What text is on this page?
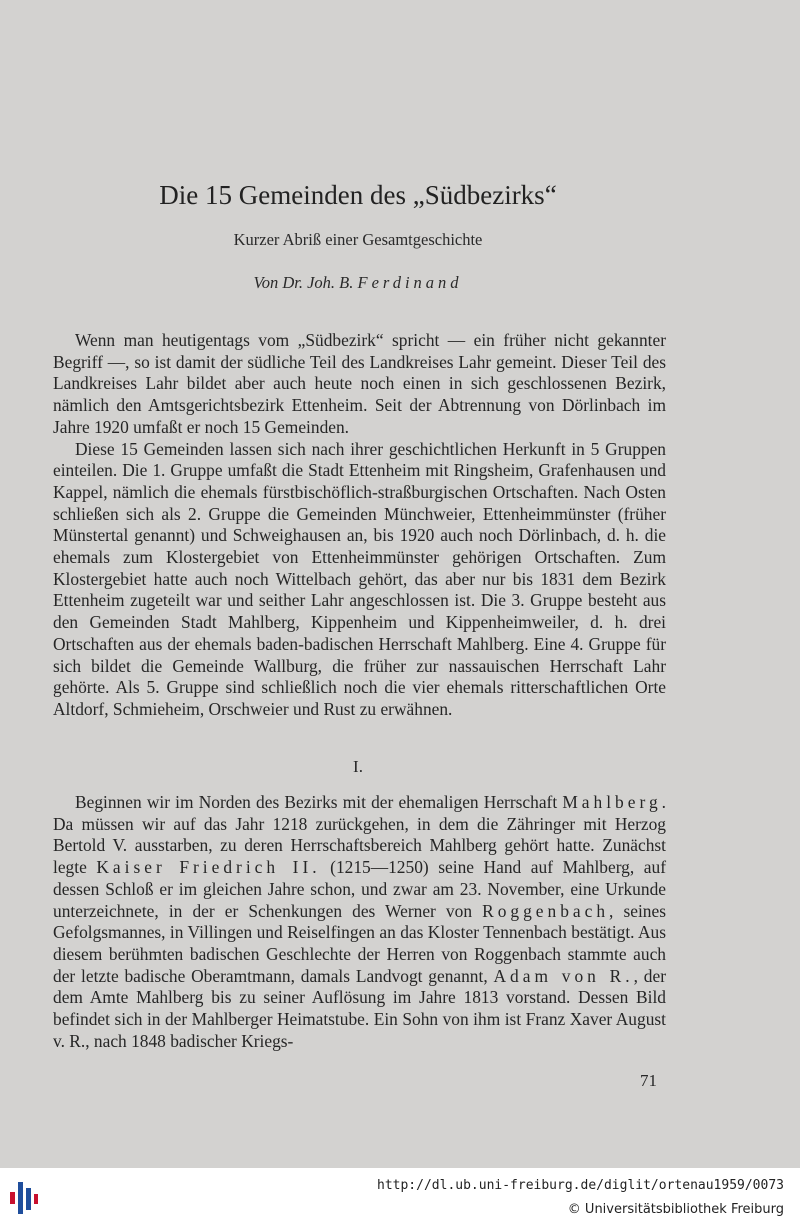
Die 15 Gemeinden des „Südbezirks“
Kurzer Abriß einer Gesamtgeschichte
Von Dr. Joh. B. Ferdinand

Wenn man heutigentags vom „Südbezirk“ spricht — ein früher nicht gekannter Begriff —, so ist damit der südliche Teil des Landkreises Lahr gemeint. Dieser Teil des Landkreises Lahr bildet aber auch heute noch einen in sich geschlossenen Bezirk, nämlich den Amtsgerichtsbezirk Ettenheim. Seit der Abtrennung von Dörlinbach im Jahre 1920 umfaßt er noch 15 Gemeinden.

Diese 15 Gemeinden lassen sich nach ihrer geschichtlichen Herkunft in 5 Gruppen einteilen. Die 1. Gruppe umfaßt die Stadt Ettenheim mit Ringsheim, Grafenhausen und Kappel, nämlich die ehemals fürstbischöflich-straßburgischen Ortschaften. Nach Osten schließen sich als 2. Gruppe die Gemeinden Münchweier, Ettenheimmünster (früher Münstertal genannt) und Schweighausen an, bis 1920 auch noch Dörlinbach, d. h. die ehemals zum Klostergebiet von Ettenheimmünster gehörigen Ortschaften. Zum Klostergebiet hatte auch noch Wittelbach gehört, das aber nur bis 1831 dem Bezirk Ettenheim zugeteilt war und seither Lahr angeschlossen ist. Die 3. Gruppe besteht aus den Gemeinden Stadt Mahlberg, Kippenheim und Kippenheimweiler, d. h. drei Ortschaften aus der ehemals baden-badischen Herrschaft Mahlberg. Eine 4. Gruppe für sich bildet die Gemeinde Wallburg, die früher zur nassauischen Herrschaft Lahr gehörte. Als 5. Gruppe sind schließlich noch die vier ehemals ritterschaftlichen Orte Altdorf, Schmieheim, Orschweier und Rust zu erwähnen.

I.

Beginnen wir im Norden des Bezirks mit der ehemaligen Herrschaft Mahlberg. Da müssen wir auf das Jahr 1218 zurückgehen, in dem die Zähringer mit Herzog Bertold V. ausstarben, zu deren Herrschaftsbereich Mahlberg gehört hatte. Zunächst legte Kaiser Friedrich II. (1215—1250) seine Hand auf Mahlberg, auf dessen Schloß er im gleichen Jahre schon, und zwar am 23. November, eine Urkunde unterzeichnete, in der er Schenkungen des Werner von Roggenbach, seines Gefolgsmannes, in Villingen und Reiselfingen an das Kloster Tennenbach bestätigt. Aus diesem berühmten badischen Geschlechte der Herren von Roggenbach stammte auch der letzte badische Oberamtmann, damals Landvogt genannt, Adam von R., der dem Amte Mahlberg bis zu seiner Auflösung im Jahre 1813 vorstand. Dessen Bild befindet sich in der Mahlberger Heimatstube. Ein Sohn von ihm ist Franz Xaver August v. R., nach 1848 badischer Kriegs-

71
http://dl.ub.uni-freiburg.de/diglit/ortenau1959/0073
© Universitätsbibliothek Freiburg
